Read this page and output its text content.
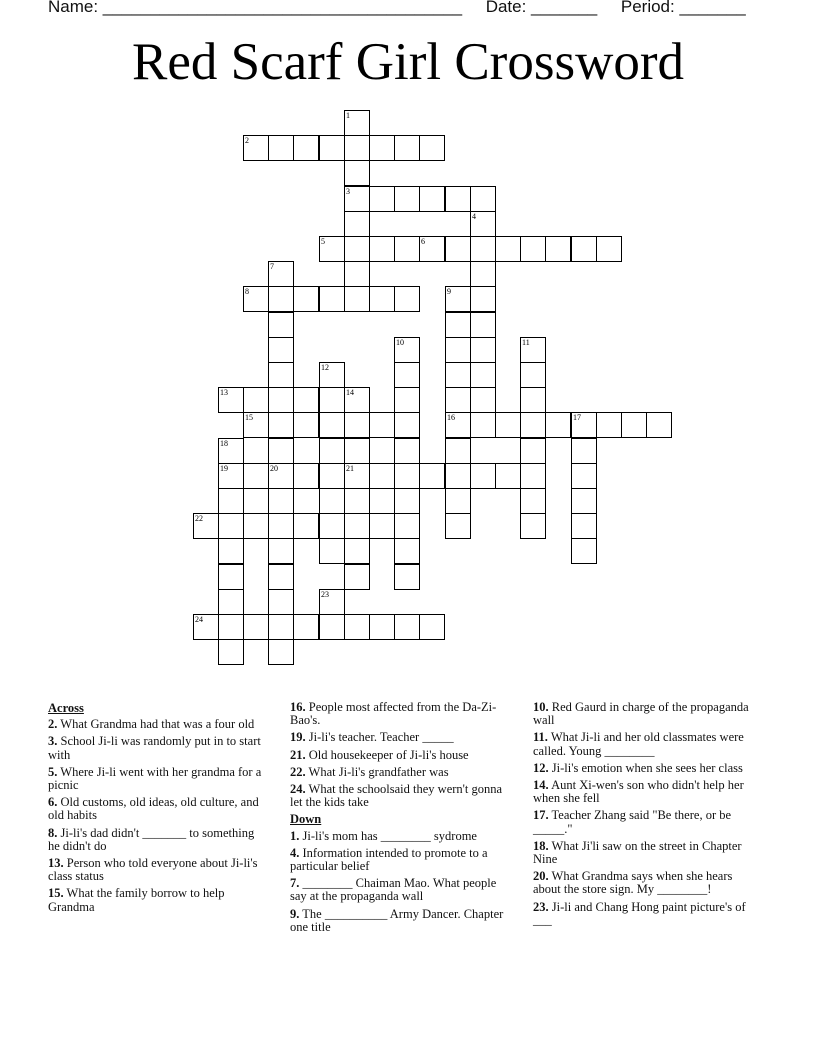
Name: ______________________________________ Date: _______ Period: _______
Red Scarf Girl Crossword
1
3
2
4
5	6
7
20
8	9
16
10	11
12
13	14
21
15	17
18
19
22
23
24
Across
2. What Grandma had that was a four old
3. School Ji-li was randomly put in to start with
5. Where Ji-li went with her grandma for a picnic
6. Old customs, old ideas, old culture, and old habits
8. Ji-li's dad didn't _______ to something he didn't do
13. Person who told everyone about Ji-li's class status
15. What the family borrow to help Grandma
16. People most affected from the Da-Zi-Bao's.
19. Ji-li's teacher. Teacher _____
21. Old housekeeper of Ji-li's house
22. What Ji-li's grandfather was
24. What the schoolsaid they wern't gonna let the kids take
Down
1. Ji-li's mom has ________ sydrome
4. Information intended to promote to a particular belief
7. ________ Chaiman Mao. What people say at the propaganda wall
9. The __________ Army Dancer. Chapter one title
10. Red Gaurd in charge of the propaganda wall
11. What Ji-li and her old classmates were called. Young ________
12. Ji-li's emotion when she sees her class
14. Aunt Xi-wen's son who didn't help her when she fell
17. Teacher Zhang said "Be there, or be _____."
18. What Ji'li saw on the street in Chapter Nine
20. What Grandma says when she hears about the store sign. My ________!
23. Ji-li and Chang Hong paint picture's of ___
